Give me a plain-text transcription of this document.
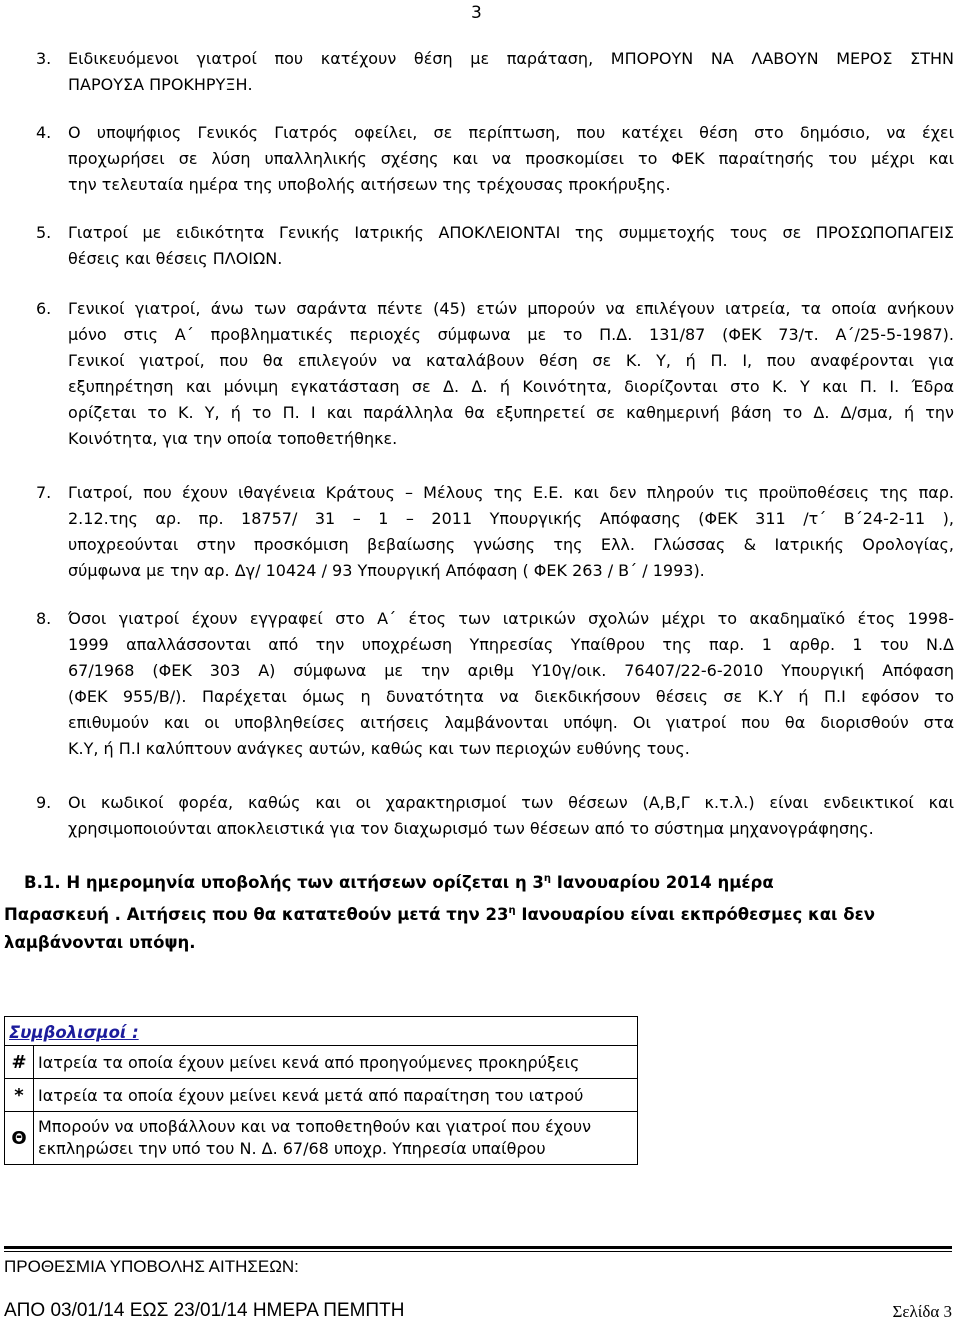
3
3.	Ειδικευόμενοι γιατροί που κατέχουν θέση με παράταση, ΜΠΟΡΟΥΝ ΝΑ ΛΑΒΟΥΝ ΜΕΡΟΣ ΣΤΗΝ
ΠΑΡΟΥΣΑ ΠΡΟΚΗΡΥΞΗ.
4.	Ο υποψήφιος Γενικός Γιατρός οφείλει, σε περίπτωση, που κατέχει θέση στο δημόσιο, να έχει
προχωρήσει σε λύση υπαλληλικής σχέσης και να προσκομίσει το ΦΕΚ παραίτησής του μέχρι και
την τελευταία ημέρα της υποβολής αιτήσεων της τρέχουσας προκήρυξης.
5.	Γιατροί με ειδικότητα Γενικής Ιατρικής ΑΠΟΚΛΕΙΟΝΤΑΙ της συμμετοχής τους σε ΠΡΟΣΩΠΟΠΑΓΕΙΣ
θέσεις και θέσεις ΠΛΟΙΩΝ.
6.	Γενικοί γιατροί, άνω των σαράντα πέντε (45) ετών μπορούν να επιλέγουν ιατρεία, τα οποία ανήκουν
μόνο στις Α΄ προβληματικές περιοχές σύμφωνα με το Π.Δ. 131/87 (ΦΕΚ 73/τ. Α΄/25-5-1987).
Γενικοί γιατροί, που θα επιλεγούν να καταλάβουν θέση σε Κ. Υ, ή Π. Ι, που αναφέρονται για
εξυπηρέτηση και μόνιμη εγκατάσταση σε Δ. Δ. ή Κοινότητα, διορίζονται στο Κ. Υ και Π. Ι. Έδρα
ορίζεται το Κ. Υ, ή το Π. Ι και παράλληλα θα εξυπηρετεί σε καθημερινή βάση το Δ. Δ/σμα, ή την
Κοινότητα, για την οποία τοποθετήθηκε.
7.	Γιατροί, που έχουν ιθαγένεια Κράτους – Μέλους της Ε.Ε. και δεν πληρούν τις προϋποθέσεις της παρ.
2.12.της αρ. πρ. 18757/ 31 – 1 – 2011 Υπουργικής Απόφασης (ΦΕΚ 311 /τ΄ Β΄24-2-11 ),
υποχρεούνται στην προσκόμιση βεβαίωσης γνώσης της Ελλ. Γλώσσας & Ιατρικής Ορολογίας,
σύμφωνα με την αρ. Δγ/ 10424 / 93 Υπουργική Απόφαση ( ΦΕΚ 263 / Β΄ / 1993).
8.	Όσοι γιατροί έχουν εγγραφεί στο Α΄ έτος των ιατρικών σχολών μέχρι το ακαδημαϊκό έτος 1998-
1999 απαλλάσσονται από την υποχρέωση Υπηρεσίας Υπαίθρου της παρ. 1 αρθρ. 1 του Ν.Δ
67/1968 (ΦΕΚ 303 Α) σύμφωνα με την αριθμ Υ10γ/οικ. 76407/22-6-2010 Υπουργική Απόφαση
(ΦΕΚ 955/Β/). Παρέχεται όμως η δυνατότητα να διεκδικήσουν θέσεις σε Κ.Υ ή Π.Ι εφόσον το
επιθυμούν και οι υποβληθείσες αιτήσεις λαμβάνονται υπόψη. Οι γιατροί που θα διορισθούν στα
Κ.Υ, ή Π.Ι καλύπτουν ανάγκες αυτών, καθώς και των περιοχών ευθύνης τους.
9.	Οι κωδικοί φορέα, καθώς και οι χαρακτηρισμοί των θέσεων (Α,Β,Γ κ.τ.λ.) είναι ενδεικτικοί και
χρησιμοποιούνται αποκλειστικά για τον διαχωρισμό των θέσεων από το σύστημα μηχανογράφησης.
Β.1. Η ημερομηνία υποβολής των αιτήσεων ορίζεται η $3^\eta$ Ιανουαρίου 2014 ημέρα
Παρασκευή . Αιτήσεις που θα κατατεθούν μετά την $23^\eta$ Ιανουαρίου είναι εκπρόθεσμες και δεν
λαμβάνονται υπόψη.
Συμβολισμοί :	
#	Ιατρεία τα οποία έχουν μείνει κενά από προηγούμενες προκηρύξεις
*	Ιατρεία τα οποία έχουν μείνει κενά μετά από παραίτηση του ιατρού
Θ	Μπορούν να υποβάλλουν και να τοποθετηθούν και γιατροί που έχουν
εκπληρώσει την υπό του Ν. Δ. 67/68 υποχρ. Υπηρεσία υπαίθρου
ΠΡΟΘΕΣΜΙΑ ΥΠΟΒΟΛΗΣ ΑΙΤΗΣΕΩΝ:
ΑΠΟ 03/01/14 ΕΩΣ 23/01/14 ΗΜΕΡΑ ΠΕΜΠΤΗ	Σελίδα 3
